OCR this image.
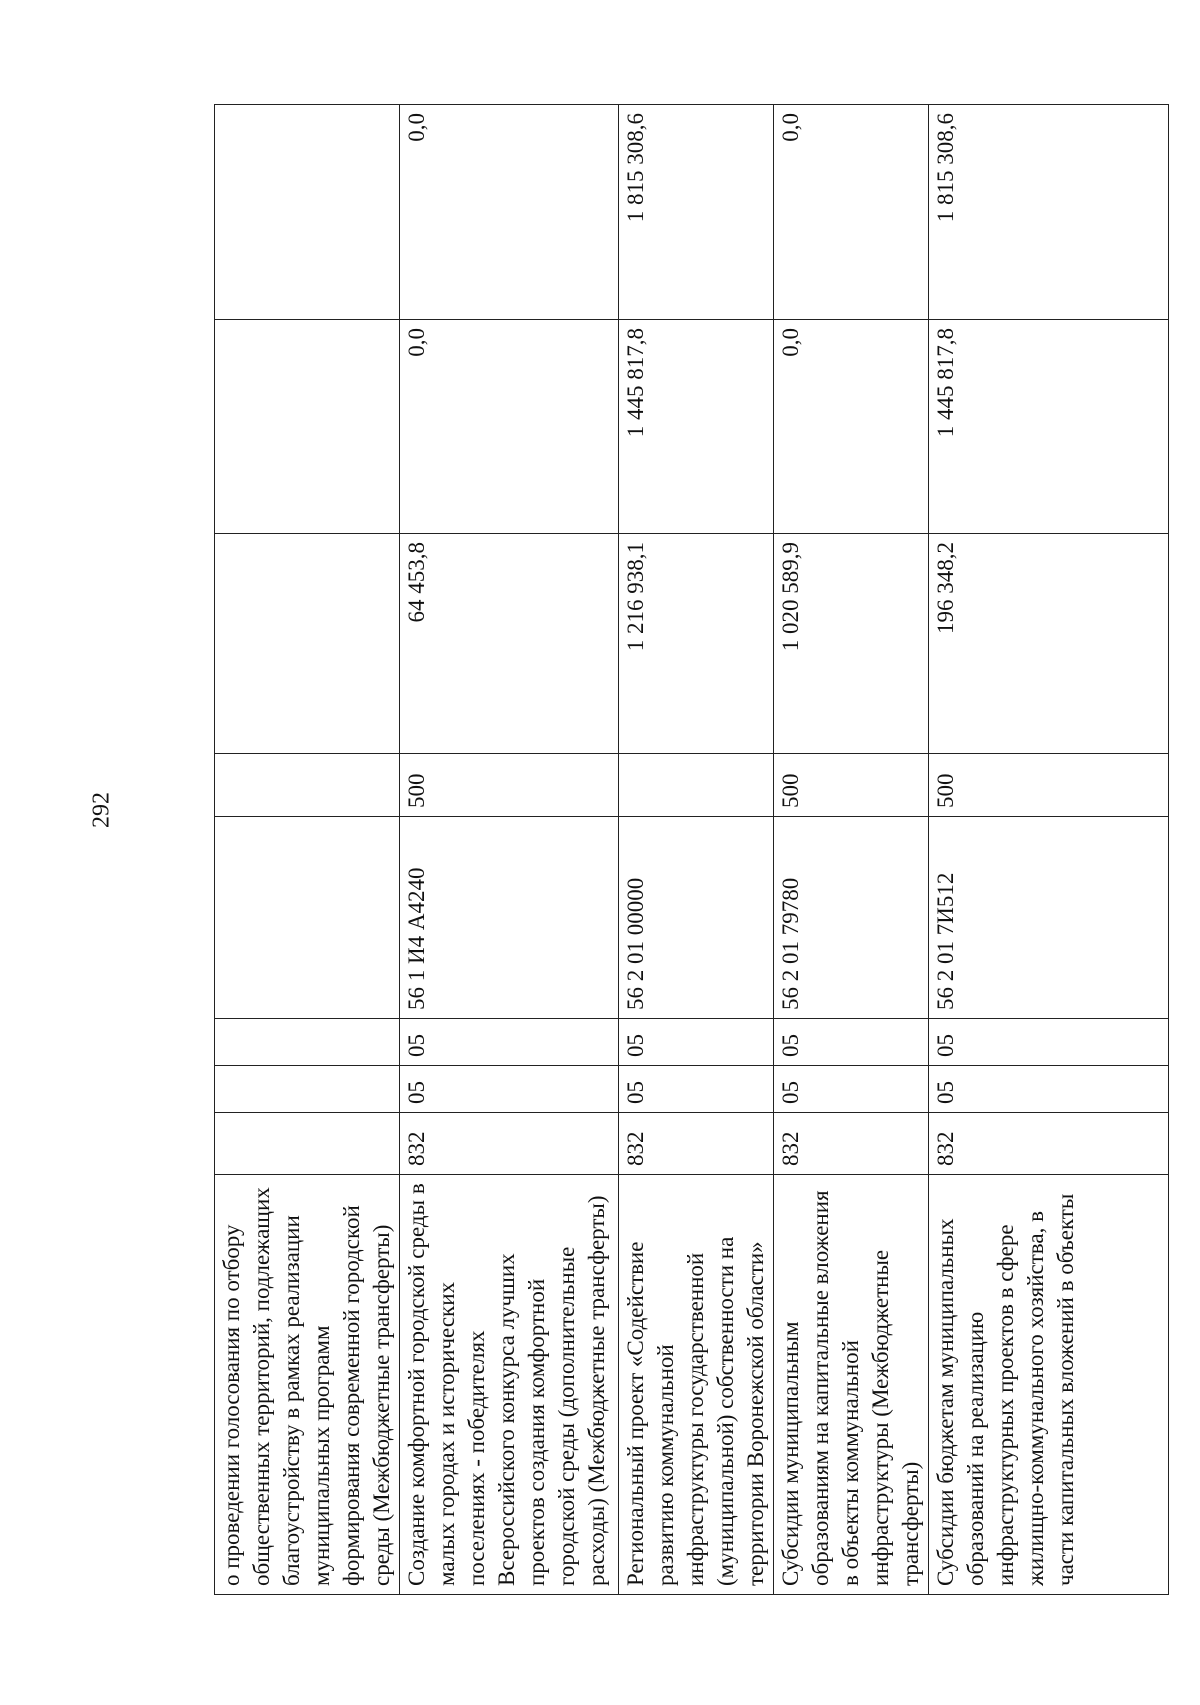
292
о проведении голосования по отбору общественных территорий, подлежащих благоустройству в рамках реализации муниципальных программ формирования современной городской среды (Межбюджетные трансферты)								
Создание комфортной городской среды в малых городах и исторических поселениях - победителях Всероссийского конкурса лучших проектов создания комфортной городской среды (дополнительные расходы) (Межбюджетные трансферты)	832	05	05	56 1 И4 А4240	500	64 453,8	0,0	0,0
Региональный проект «Содействие развитию коммунальной инфраструктуры государственной (муниципальной) собственности на территории Воронежской области»	832	05	05	56 2 01 00000		1 216 938,1	1 445 817,8	1 815 308,6
Субсидии муниципальным образованиям на капитальные вложения в объекты коммунальной инфраструктуры (Межбюджетные трансферты)	832	05	05	56 2 01 79780	500	1 020 589,9	0,0	0,0
Субсидии бюджетам муниципальных образований на реализацию инфраструктурных проектов в сфере жилищно-коммунального хозяйства, в части капитальных вложений в объекты	832	05	05	56 2 01 7И512	500	196 348,2	1 445 817,8	1 815 308,6
